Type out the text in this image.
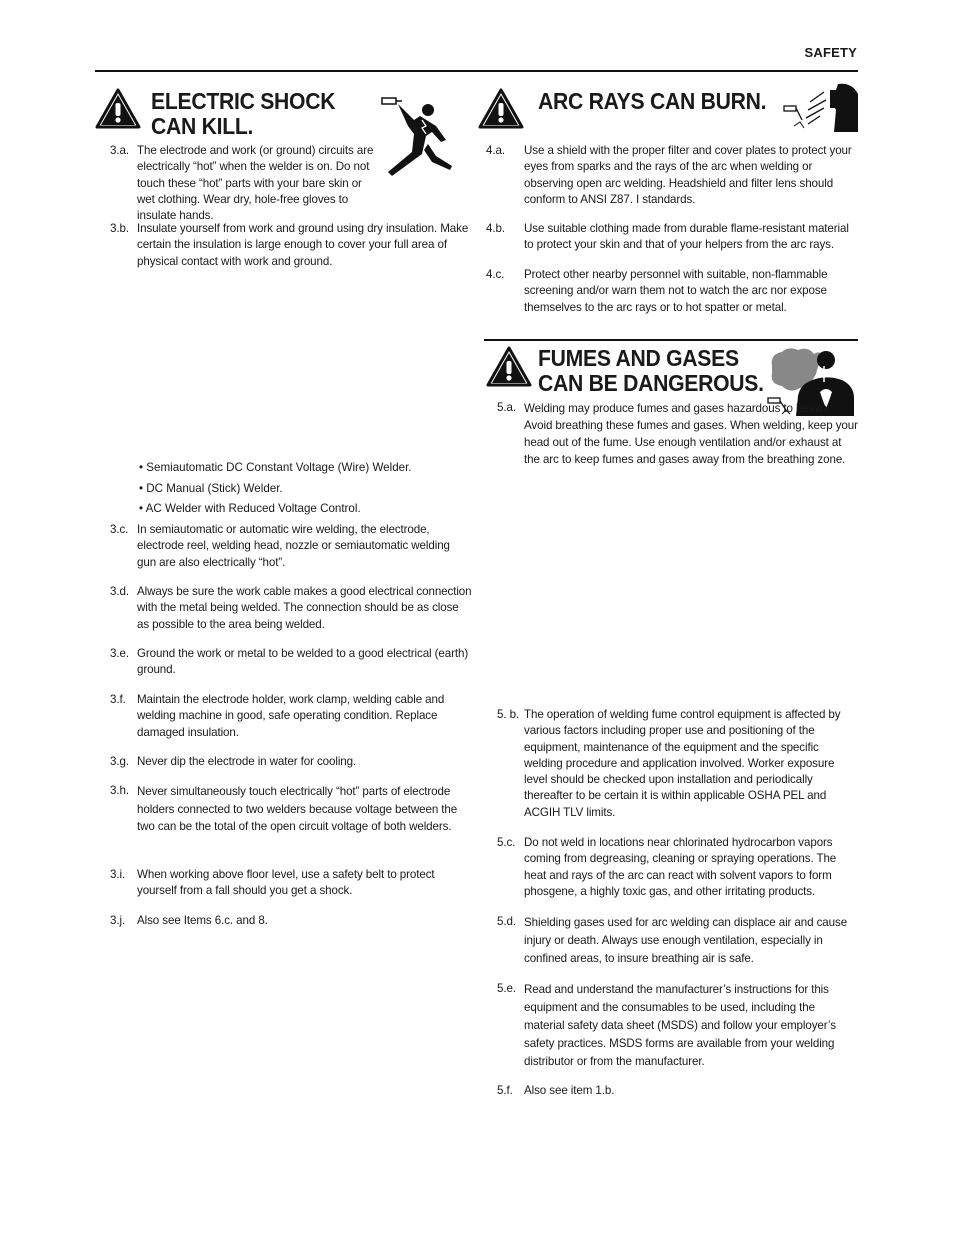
SAFETY
ELECTRIC SHOCK
CAN KILL.
3.a. The electrode and work (or ground) circuits are electrically “hot” when the welder is on. Do not touch these “hot” parts with your bare skin or wet clothing. Wear dry, hole-free gloves to insulate hands.
3.b. Insulate yourself from work and ground using dry insulation. Make certain the insulation is large enough to cover your full area of physical contact with work and ground.
• Semiautomatic DC Constant Voltage (Wire) Welder.
• DC Manual (Stick) Welder.
• AC Welder with Reduced Voltage Control.
3.c. In semiautomatic or automatic wire welding, the electrode, electrode reel, welding head, nozzle or semiautomatic welding gun are also electrically “hot”.
3.d. Always be sure the work cable makes a good electrical connection with the metal being welded. The connection should be as close as possible to the area being welded.
3.e. Ground the work or metal to be welded to a good electrical (earth) ground.
3.f. Maintain the electrode holder, work clamp, welding cable and welding machine in good, safe operating condition. Replace damaged insulation.
3.g. Never dip the electrode in water for cooling.
3.h. Never simultaneously touch electrically “hot” parts of electrode holders connected to two welders because voltage between the two can be the total of the open circuit voltage of both welders.
3.i. When working above floor level, use a safety belt to protect yourself from a fall should you get a shock.
3.j. Also see Items 6.c. and 8.
ARC RAYS CAN BURN.
4.a. Use a shield with the proper filter and cover plates to protect your eyes from sparks and the rays of the arc when welding or observing open arc welding. Headshield and filter lens should conform to ANSI Z87. I standards.
4.b. Use suitable clothing made from durable flame-resistant material to protect your skin and that of your helpers from the arc rays.
4.c. Protect other nearby personnel with suitable, non-flammable screening and/or warn them not to watch the arc nor expose themselves to the arc rays or to hot spatter or metal.
FUMES AND GASES
CAN BE DANGEROUS.
5.a. Welding may produce fumes and gases hazardous to health. Avoid breathing these fumes and gases. When welding, keep your head out of the fume. Use enough ventilation and/or exhaust at the arc to keep fumes and gases away from the breathing zone.
5. b. The operation of welding fume control equipment is affected by various factors including proper use and positioning of the equipment, maintenance of the equipment and the specific welding procedure and application involved. Worker exposure level should be checked upon installation and periodically thereafter to be certain it is within applicable OSHA PEL and ACGIH TLV limits.
5.c. Do not weld in locations near chlorinated hydrocarbon vapors coming from degreasing, cleaning or spraying operations. The heat and rays of the arc can react with solvent vapors to form phosgene, a highly toxic gas, and other irritating products.
5.d. Shielding gases used for arc welding can displace air and cause injury or death. Always use enough ventilation, especially in confined areas, to insure breathing air is safe.
5.e. Read and understand the manufacturer’s instructions for this equipment and the consumables to be used, including the material safety data sheet (MSDS) and follow your employer’s safety practices. MSDS forms are available from your welding distributor or from the manufacturer.
5.f. Also see item 1.b.
